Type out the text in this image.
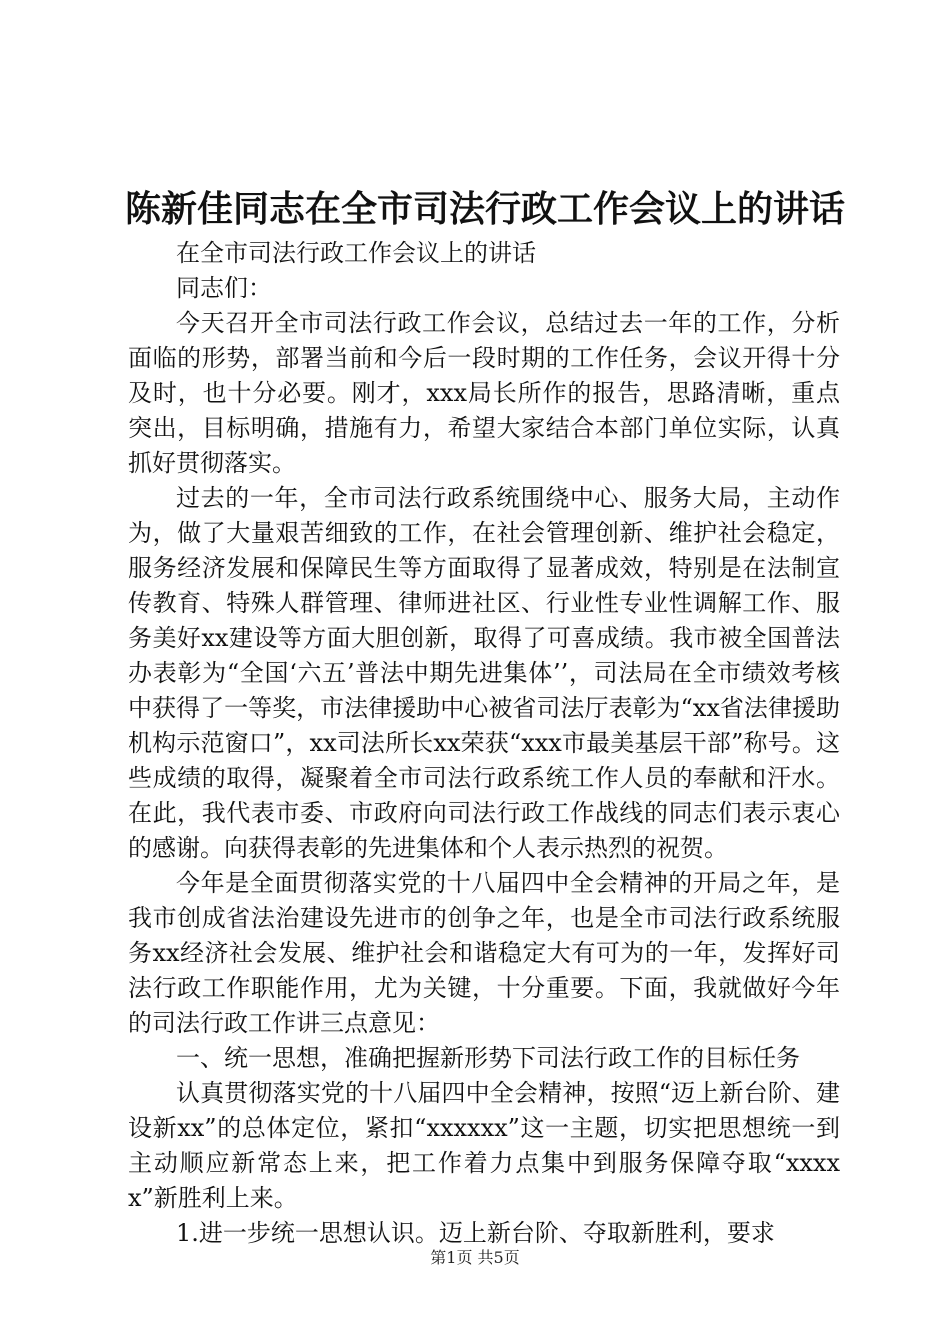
陈新佳同志在全市司法行政工作会议上的讲话

在全市司法行政工作会议上的讲话

同志们：

今天召开全市司法行政工作会议，总结过去一年的工作，分析面临的形势，部署当前和今后一段时期的工作任务，会议开得十分及时，也十分必要。刚才，xxx局长所作的报告，思路清晰，重点突出，目标明确，措施有力，希望大家结合本部门单位实际，认真抓好贯彻落实。

过去的一年，全市司法行政系统围绕中心、服务大局，主动作为，做了大量艰苦细致的工作，在社会管理创新、维护社会稳定，服务经济发展和保障民生等方面取得了显著成效，特别是在法制宣传教育、特殊人群管理、律师进社区、行业性专业性调解工作、服务美好xx建设等方面大胆创新，取得了可喜成绩。我市被全国普法办表彰为“全国‘六五’普法中期先进集体’’，司法局在全市绩效考核中获得了一等奖，市法律援助中心被省司法厅表彰为“xx省法律援助机构示范窗口”，xx司法所长xx荣获“xxx市最美基层干部”称号。这些成绩的取得，凝聚着全市司法行政系统工作人员的奉献和汗水。在此，我代表市委、市政府向司法行政工作战线的同志们表示衷心的感谢。向获得表彰的先进集体和个人表示热烈的祝贺。

今年是全面贯彻落实党的十八届四中全会精神的开局之年，是我市创成省法治建设先进市的创争之年，也是全市司法行政系统服务xx经济社会发展、维护社会和谐稳定大有可为的一年，发挥好司法行政工作职能作用，尤为关键，十分重要。下面，我就做好今年的司法行政工作讲三点意见：

一、统一思想，准确把握新形势下司法行政工作的目标任务

认真贯彻落实党的十八届四中全会精神，按照“迈上新台阶、建设新xx”的总体定位，紧扣“xxxxxx”这一主题，切实把思想统一到主动顺应新常态上来，把工作着力点集中到服务保障夺取“xxxxx”新胜利上来。

1.进一步统一思想认识。迈上新台阶、夺取新胜利，要求

第1页 共5页
